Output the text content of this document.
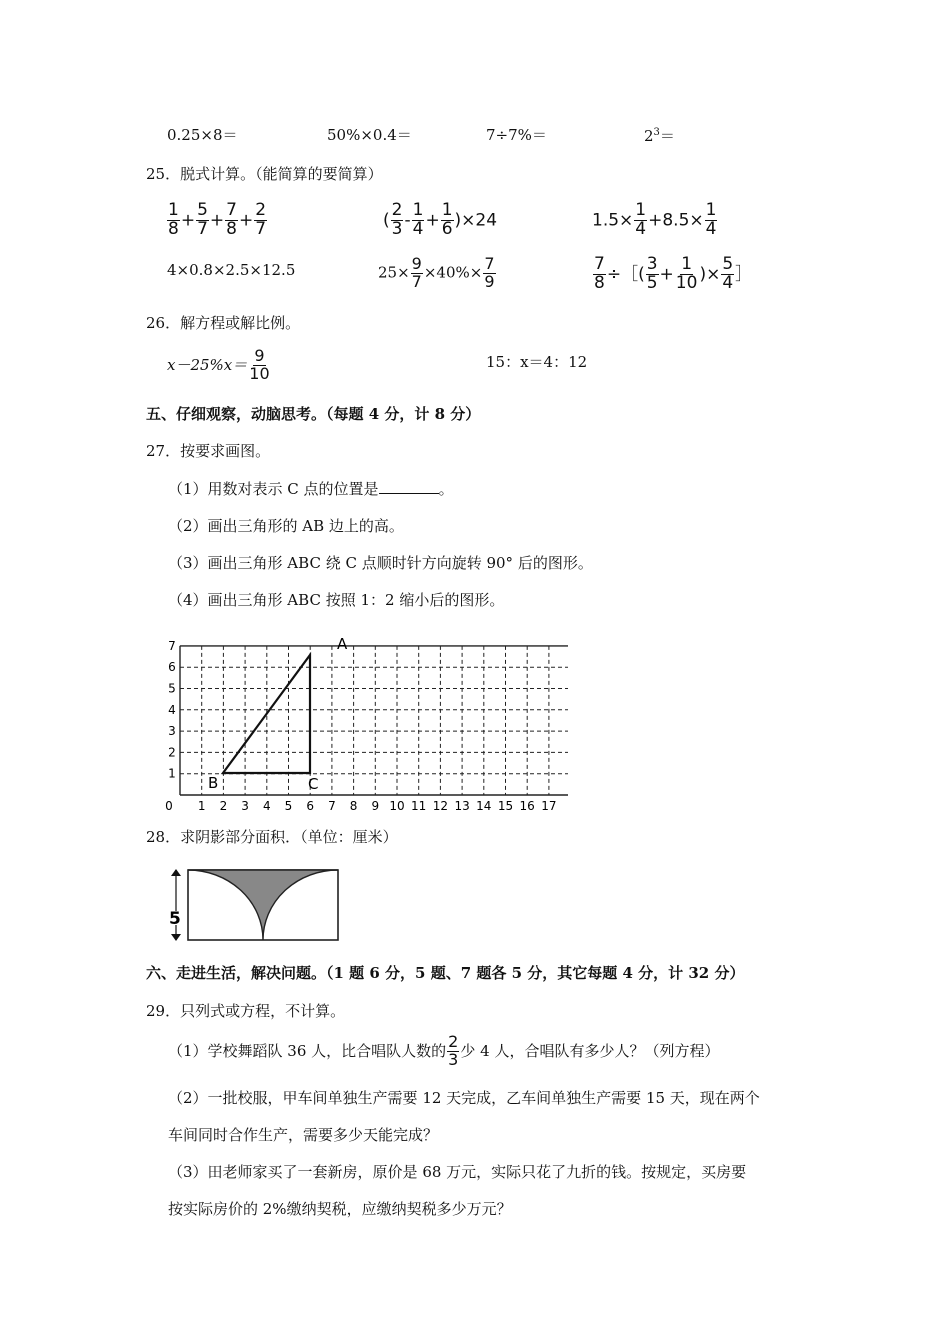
0.25×8＝	50%×0.4＝	7÷7%＝	$2^3=$
25．脱式计算。（能简算的要简算）
$\frac{1}{8} + \frac{5}{7} + \frac{7}{8} + \frac{2}{7}$	( $\frac{2}{3} - \frac{1}{4} + \frac{1}{6} )\times 24$	$1.5\times \frac{1}{4} +8.5\times \frac{1}{4}$
4×0.8×2.5×12.5	$25\times \frac{9}{7} \times 40\%\times \frac{7}{9}$	$\frac{7}{8}$ ÷［( $\frac{3}{5} + \frac{1}{10}$ )× $\frac{5}{4}$ ］
26．解方程或解比例。
$x-25\%x= \frac{9}{10}$	15：x＝4：12
五、仔细观察，动脑思考。（每题 4 分，计 8 分）
27．按要求画图。
（1）用数对表示 C 点的位置是	。
（2）画出三角形的 AB 边上的高。
（3）画出三角形 ABC 绕 C 点顺时针方向旋转 90° 后的图形。
（4）画出三角形 ABC 按照 1：2 缩小后的图形。
0 1 2 3 4 5 6 7 8 9 10 11 12 13 14 15 16 17
1
2
3
4
5
6
7	A
B	C
28．求阴影部分面积．（单位：厘米）
5
六、走进生活，解决问题。（1 题 6 分，5 题、7 题各 5 分，其它每题 4 分，计 32 分）
29．只列式或方程，不计算。
（1）学校舞蹈队 36 人，比合唱队人数的 $\frac{2}{3}$ 少 4 人，合唱队有多少人？（列方程）
（2）一批校服，甲车间单独生产需要 12 天完成，乙车间单独生产需要 15 天，现在两个
车间同时合作生产，需要多少天能完成？
（3）田老师家买了一套新房，原价是 68 万元，实际只花了九折的钱。按规定，买房要
按实际房价的 2%缴纳契税，应缴纳契税多少万元？
